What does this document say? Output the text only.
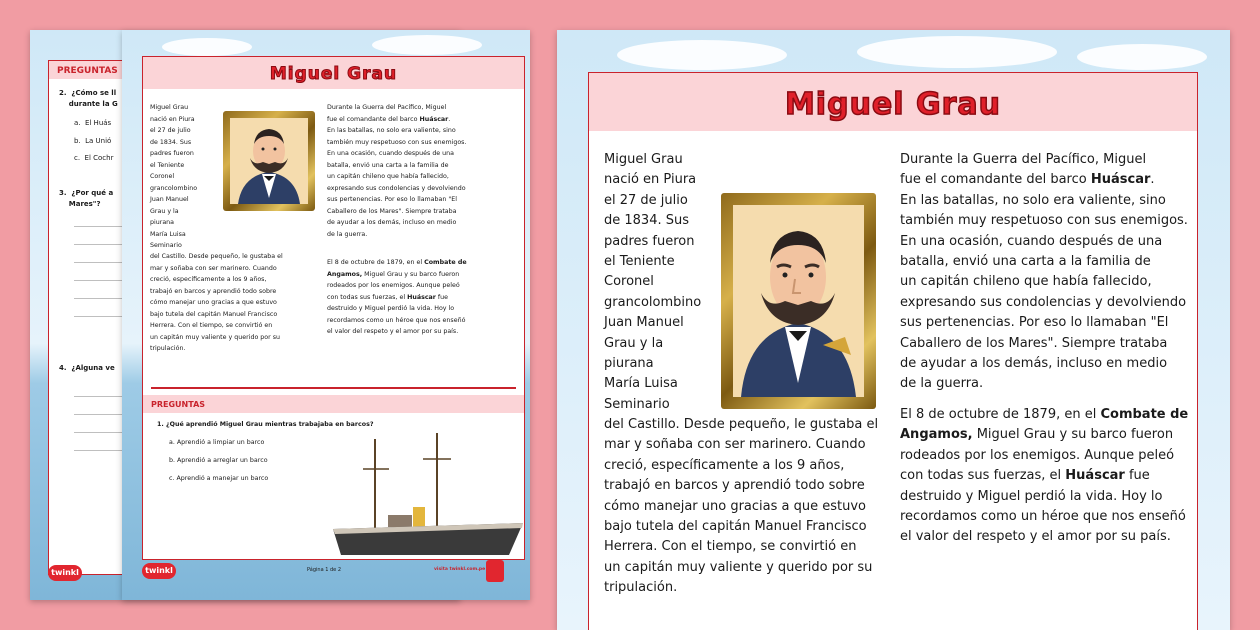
PREGUNTAS
2. ¿Cómo se ll
durante la G
a. El Huás
b. La Unió
c. El Cochr
3. ¿Por qué a
Mares"?
4. ¿Alguna ve
twinkl
Miguel Grau
Miguel Grau
nació en Piura
el 27 de julio
de 1834. Sus
padres fueron
el Teniente
Coronel
grancolombino
Juan Manuel
Grau y la
piurana
María Luisa
Seminario
del Castillo. Desde pequeño, le gustaba el
mar y soñaba con ser marinero. Cuando
creció, específicamente a los 9 años,
trabajó en barcos y aprendió todo sobre
cómo manejar uno gracias a que estuvo
bajo tutela del capitán Manuel Francisco
Herrera. Con el tiempo, se convirtió en
un capitán muy valiente y querido por su
tripulación.
Durante la Guerra del Pacífico, Miguel
fue el comandante del barco Huáscar.
En las batallas, no solo era valiente, sino
también muy respetuoso con sus enemigos.
En una ocasión, cuando después de una
batalla, envió una carta a la familia de
un capitán chileno que había fallecido,
expresando sus condolencias y devolviendo
sus pertenencias. Por eso lo llamaban "El
Caballero de los Mares". Siempre trataba
de ayudar a los demás, incluso en medio
de la guerra.
El 8 de octubre de 1879, en el Combate de
Angamos, Miguel Grau y su barco fueron
rodeados por los enemigos. Aunque peleó
con todas sus fuerzas, el Huáscar fue
destruido y Miguel perdió la vida. Hoy lo
recordamos como un héroe que nos enseñó
el valor del respeto y el amor por su país.
PREGUNTAS
1. ¿Qué aprendió Miguel Grau mientras trabajaba en barcos?
a. Aprendió a limpiar un barco
b. Aprendió a arreglar un barco
c. Aprendió a manejar un barco
twinkl	Página 1 de 2	visita twinkl.com.pe
Miguel Grau
Miguel Grau
nació en Piura
el 27 de julio
de 1834. Sus
padres fueron
el Teniente
Coronel
grancolombino
Juan Manuel
Grau y la
piurana
María Luisa
Seminario
del Castillo. Desde pequeño, le gustaba el
mar y soñaba con ser marinero. Cuando
creció, específicamente a los 9 años,
trabajó en barcos y aprendió todo sobre
cómo manejar uno gracias a que estuvo
bajo tutela del capitán Manuel Francisco
Herrera. Con el tiempo, se convirtió en
un capitán muy valiente y querido por su
tripulación.
Durante la Guerra del Pacífico, Miguel
fue el comandante del barco Huáscar.
En las batallas, no solo era valiente, sino
también muy respetuoso con sus enemigos.
En una ocasión, cuando después de una
batalla, envió una carta a la familia de
un capitán chileno que había fallecido,
expresando sus condolencias y devolviendo
sus pertenencias. Por eso lo llamaban "El
Caballero de los Mares". Siempre trataba
de ayudar a los demás, incluso en medio
de la guerra.
El 8 de octubre de 1879, en el Combate de
Angamos, Miguel Grau y su barco fueron
rodeados por los enemigos. Aunque peleó
con todas sus fuerzas, el Huáscar fue
destruido y Miguel perdió la vida. Hoy lo
recordamos como un héroe que nos enseñó
el valor del respeto y el amor por su país.
